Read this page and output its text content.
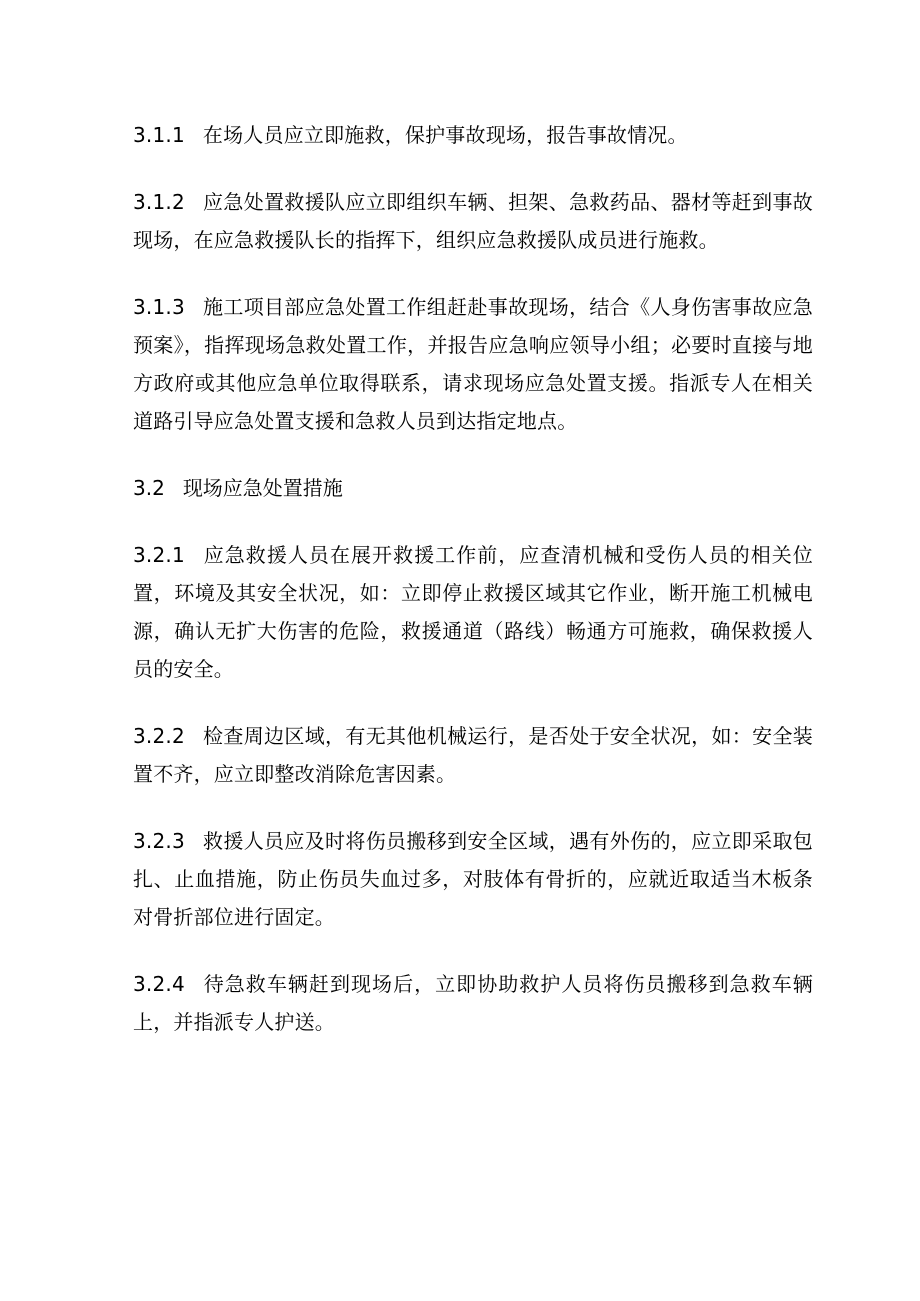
3.1.1 在场人员应立即施救，保护事故现场，报告事故情况。

3.1.2 应急处置救援队应立即组织车辆、担架、急救药品、器材等赶到事故现场，在应急救援队长的指挥下，组织应急救援队成员进行施救。

3.1.3 施工项目部应急处置工作组赶赴事故现场，结合《人身伤害事故应急预案》，指挥现场急救处置工作，并报告应急响应领导小组；必要时直接与地方政府或其他应急单位取得联系，请求现场应急处置支援。指派专人在相关道路引导应急处置支援和急救人员到达指定地点。

3.2 现场应急处置措施

3.2.1 应急救援人员在展开救援工作前，应查清机械和受伤人员的相关位置，环境及其安全状况，如：立即停止救援区域其它作业，断开施工机械电源，确认无扩大伤害的危险，救援通道（路线）畅通方可施救，确保救援人员的安全。

3.2.2 检查周边区域，有无其他机械运行，是否处于安全状况，如：安全装置不齐，应立即整改消除危害因素。

3.2.3 救援人员应及时将伤员搬移到安全区域，遇有外伤的，应立即采取包扎、止血措施，防止伤员失血过多，对肢体有骨折的，应就近取适当木板条对骨折部位进行固定。

3.2.4 待急救车辆赶到现场后，立即协助救护人员将伤员搬移到急救车辆上，并指派专人护送。
